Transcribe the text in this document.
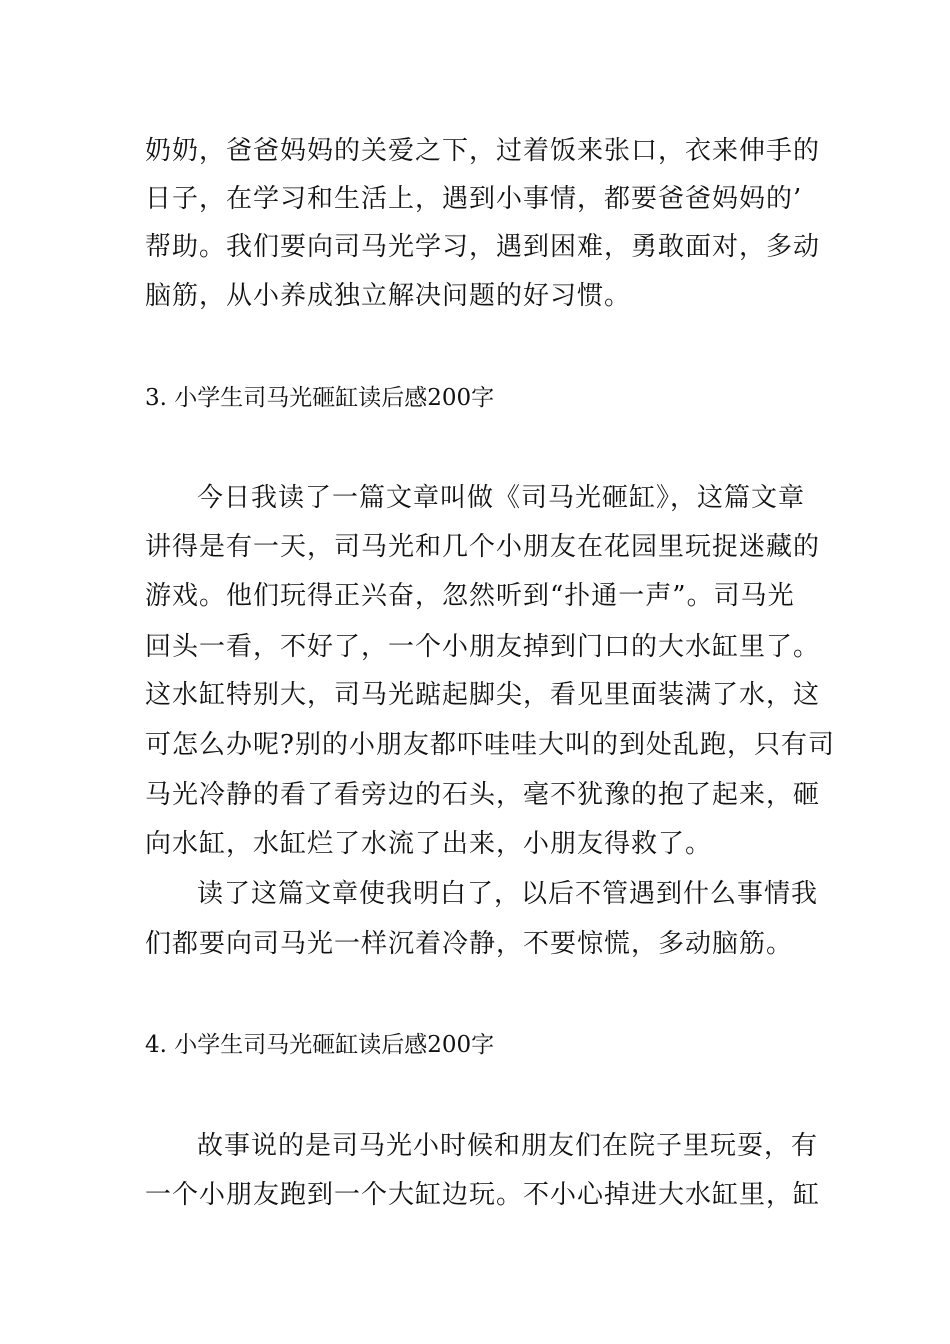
奶奶，爸爸妈妈的关爱之下，过着饭来张口，衣来伸手的
日子，在学习和生活上，遇到小事情，都要爸爸妈妈的’
帮助。我们要向司马光学习，遇到困难，勇敢面对，多动
脑筋，从小养成独立解决问题的好习惯。
3. 小学生司马光砸缸读后感200字
今日我读了一篇文章叫做《司马光砸缸》，这篇文章
讲得是有一天，司马光和几个小朋友在花园里玩捉迷藏的
游戏。他们玩得正兴奋，忽然听到“扑通一声”。司马光
回头一看，不好了，一个小朋友掉到门口的大水缸里了。
这水缸特别大，司马光踮起脚尖，看见里面装满了水，这
可怎么办呢?别的小朋友都吓哇哇大叫的到处乱跑，只有司
马光冷静的看了看旁边的石头，毫不犹豫的抱了起来，砸
向水缸，水缸烂了水流了出来，小朋友得救了。
读了这篇文章使我明白了，以后不管遇到什么事情我
们都要向司马光一样沉着冷静，不要惊慌，多动脑筋。
4. 小学生司马光砸缸读后感200字
故事说的是司马光小时候和朋友们在院子里玩耍，有
一个小朋友跑到一个大缸边玩。不小心掉进大水缸里，缸
